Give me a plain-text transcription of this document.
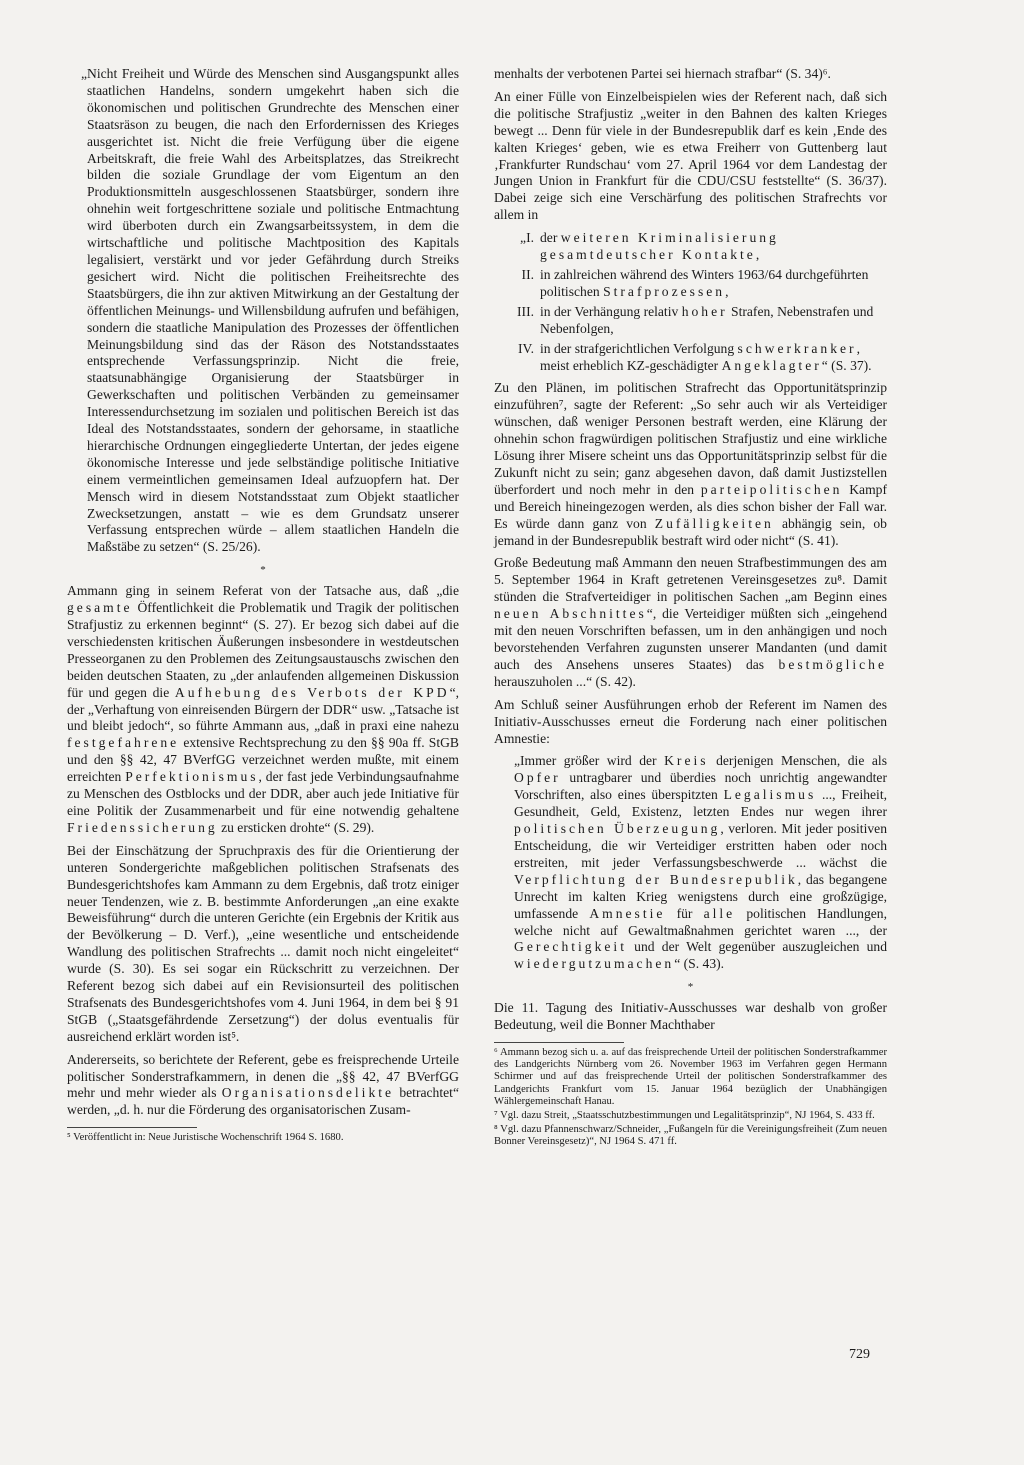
„Nicht Freiheit und Würde des Menschen sind Ausgangspunkt alles staatlichen Handelns, sondern umgekehrt haben sich die ökonomischen und politischen Grundrechte des Menschen einer Staatsräson zu beugen, die nach den Erfordernissen des Krieges ausgerichtet ist. Nicht die freie Verfügung über die eigene Arbeitskraft, die freie Wahl des Arbeitsplatzes, das Streikrecht bilden die soziale Grundlage der vom Eigentum an den Produktionsmitteln ausgeschlossenen Staatsbürger, sondern ihre ohnehin weit fortgeschrittene soziale und politische Entmachtung wird überboten durch ein Zwangsarbeitssystem, in dem die wirtschaftliche und politische Machtposition des Kapitals legalisiert, verstärkt und vor jeder Gefährdung durch Streiks gesichert wird. Nicht die politischen Freiheitsrechte des Staatsbürgers, die ihn zur aktiven Mitwirkung an der Gestaltung der öffentlichen Meinungs- und Willensbildung aufrufen und befähigen, sondern die staatliche Manipulation des Prozesses der öffentlichen Meinungsbildung sind das der Räson des Notstandsstaates entsprechende Verfassungsprinzip. Nicht die freie, staatsunabhängige Organisierung der Staatsbürger in Gewerkschaften und politischen Verbänden zu gemeinsamer Interessendurchsetzung im sozialen und politischen Bereich ist das Ideal des Notstandsstaates, sondern der gehorsame, in staatliche hierarchische Ordnungen eingegliederte Untertan, der jedes eigene ökonomische Interesse und jede selbständige politische Initiative einem vermeintlichen gemeinsamen Ideal aufzuopfern hat. Der Mensch wird in diesem Notstandsstaat zum Objekt staatlicher Zwecksetzungen, anstatt – wie es dem Grundsatz unserer Verfassung entsprechen würde – allem staatlichen Handeln die Maßstäbe zu setzen“ (S. 25/26).

*

Ammann ging in seinem Referat von der Tatsache aus, daß „die gesamte Öffentlichkeit die Problematik und Tragik der politischen Strafjustiz zu erkennen beginnt“ (S. 27). Er bezog sich dabei auf die verschiedensten kritischen Äußerungen insbesondere in westdeutschen Presseorganen zu den Problemen des Zeitungsaustauschs zwischen den beiden deutschen Staaten, zu „der anlaufenden allgemeinen Diskussion für und gegen die Aufhebung des Verbots der KPD“, der „Verhaftung von einreisenden Bürgern der DDR“ usw. „Tatsache ist und bleibt jedoch“, so führte Ammann aus, „daß in praxi eine nahezu festgefahrene extensive Rechtsprechung zu den §§ 90a ff. StGB und den §§ 42, 47 BVerfGG verzeichnet werden mußte, mit einem erreichten Perfektionismus, der fast jede Verbindungsaufnahme zu Menschen des Ostblocks und der DDR, aber auch jede Initiative für eine Politik der Zusammenarbeit und für eine notwendig gehaltene Friedenssicherung zu ersticken drohte“ (S. 29).

Bei der Einschätzung der Spruchpraxis des für die Orientierung der unteren Sondergerichte maßgeblichen politischen Strafsenats des Bundesgerichtshofes kam Ammann zu dem Ergebnis, daß trotz einiger neuer Tendenzen, wie z. B. bestimmte Anforderungen „an eine exakte Beweisführung“ durch die unteren Gerichte (ein Ergebnis der Kritik aus der Bevölkerung – D. Verf.), „eine wesentliche und entscheidende Wandlung des politischen Strafrechts ... damit noch nicht eingeleitet“ wurde (S. 30). Es sei sogar ein Rückschritt zu verzeichnen. Der Referent bezog sich dabei auf ein Revisionsurteil des politischen Strafsenats des Bundesgerichtshofes vom 4. Juni 1964, in dem bei § 91 StGB („Staatsgefährdende Zersetzung“) der dolus eventualis für ausreichend erklärt worden ist⁵.

Andererseits, so berichtete der Referent, gebe es freisprechende Urteile politischer Sonderstrafkammern, in denen die „§§ 42, 47 BVerfGG mehr und mehr wieder als Organisationsdelikte betrachtet“ werden, „d. h. nur die Förderung des organisatorischen Zusam-

⁵ Veröffentlicht in: Neue Juristische Wochenschrift 1964 S. 1680.

menhalts der verbotenen Partei sei hiernach strafbar“ (S. 34)⁶.

An einer Fülle von Einzelbeispielen wies der Referent nach, daß sich die politische Strafjustiz „weiter in den Bahnen des kalten Krieges bewegt ... Denn für viele in der Bundesrepublik darf es kein ‚Ende des kalten Krieges‘ geben, wie es etwa Freiherr von Guttenberg laut ‚Frankfurter Rundschau‘ vom 27. April 1964 vor dem Landestag der Jungen Union in Frankfurt für die CDU/CSU feststellte“ (S. 36/37). Dabei zeige sich eine Verschärfung des politischen Strafrechts vor allem in

„I. der weiteren Kriminalisierung gesamtdeutscher Kontakte,
II. in zahlreichen während des Winters 1963/64 durchgeführten politischen Strafprozessen,
III. in der Verhängung relativ hoher Strafen, Nebenstrafen und Nebenfolgen,
IV. in der strafgerichtlichen Verfolgung schwerkranker, meist erheblich KZ-geschädigter Angeklagter“ (S. 37).

Zu den Plänen, im politischen Strafrecht das Opportunitätsprinzip einzuführen⁷, sagte der Referent: „So sehr auch wir als Verteidiger wünschen, daß weniger Personen bestraft werden, eine Klärung der ohnehin schon fragwürdigen politischen Strafjustiz und eine wirkliche Lösung ihrer Misere scheint uns das Opportunitätsprinzip selbst für die Zukunft nicht zu sein; ganz abgesehen davon, daß damit Justizstellen überfordert und noch mehr in den parteipolitischen Kampf und Bereich hineingezogen werden, als dies schon bisher der Fall war. Es würde dann ganz von Zufälligkeiten abhängig sein, ob jemand in der Bundesrepublik bestraft wird oder nicht“ (S. 41).

Große Bedeutung maß Ammann den neuen Strafbestimmungen des am 5. September 1964 in Kraft getretenen Vereinsgesetzes zu⁸. Damit stünden die Strafverteidiger in politischen Sachen „am Beginn eines neuen Abschnittes“, die Verteidiger müßten sich „eingehend mit den neuen Vorschriften befassen, um in den anhängigen und noch bevorstehenden Verfahren zugunsten unserer Mandanten (und damit auch des Ansehens unseres Staates) das bestmögliche herauszuholen ...“ (S. 42).

Am Schluß seiner Ausführungen erhob der Referent im Namen des Initiativ-Ausschusses erneut die Forderung nach einer politischen Amnestie:

„Immer größer wird der Kreis derjenigen Menschen, die als Opfer untragbarer und überdies noch unrichtig angewandter Vorschriften, also eines überspitzten Legalismus ..., Freiheit, Gesundheit, Geld, Existenz, letzten Endes nur wegen ihrer politischen Überzeugung, verloren. Mit jeder positiven Entscheidung, die wir Verteidiger erstritten haben oder noch erstreiten, mit jeder Verfassungsbeschwerde ... wächst die Verpflichtung der Bundesrepublik, das begangene Unrecht im kalten Krieg wenigstens durch eine großzügige, umfassende Amnestie für alle politischen Handlungen, welche nicht auf Gewaltmaßnahmen gerichtet waren ..., der Gerechtigkeit und der Welt gegenüber auszugleichen und wiedergutzumachen“ (S. 43).

*

Die 11. Tagung des Initiativ-Ausschusses war deshalb von großer Bedeutung, weil die Bonner Machthaber

⁶ Ammann bezog sich u. a. auf das freisprechende Urteil der politischen Sonderstrafkammer des Landgerichts Nürnberg vom 26. November 1963 im Verfahren gegen Hermann Schirmer und auf das freisprechende Urteil der politischen Sonderstrafkammer des Landgerichts Frankfurt vom 15. Januar 1964 bezüglich der Unabhängigen Wählergemeinschaft Hanau.

⁷ Vgl. dazu Streit, „Staatsschutzbestimmungen und Legalitätsprinzip“, NJ 1964, S. 433 ff.

⁸ Vgl. dazu Pfannenschwarz/Schneider, „Fußangeln für die Vereinigungsfreiheit (Zum neuen Bonner Vereinsgesetz)“, NJ 1964 S. 471 ff.

729
